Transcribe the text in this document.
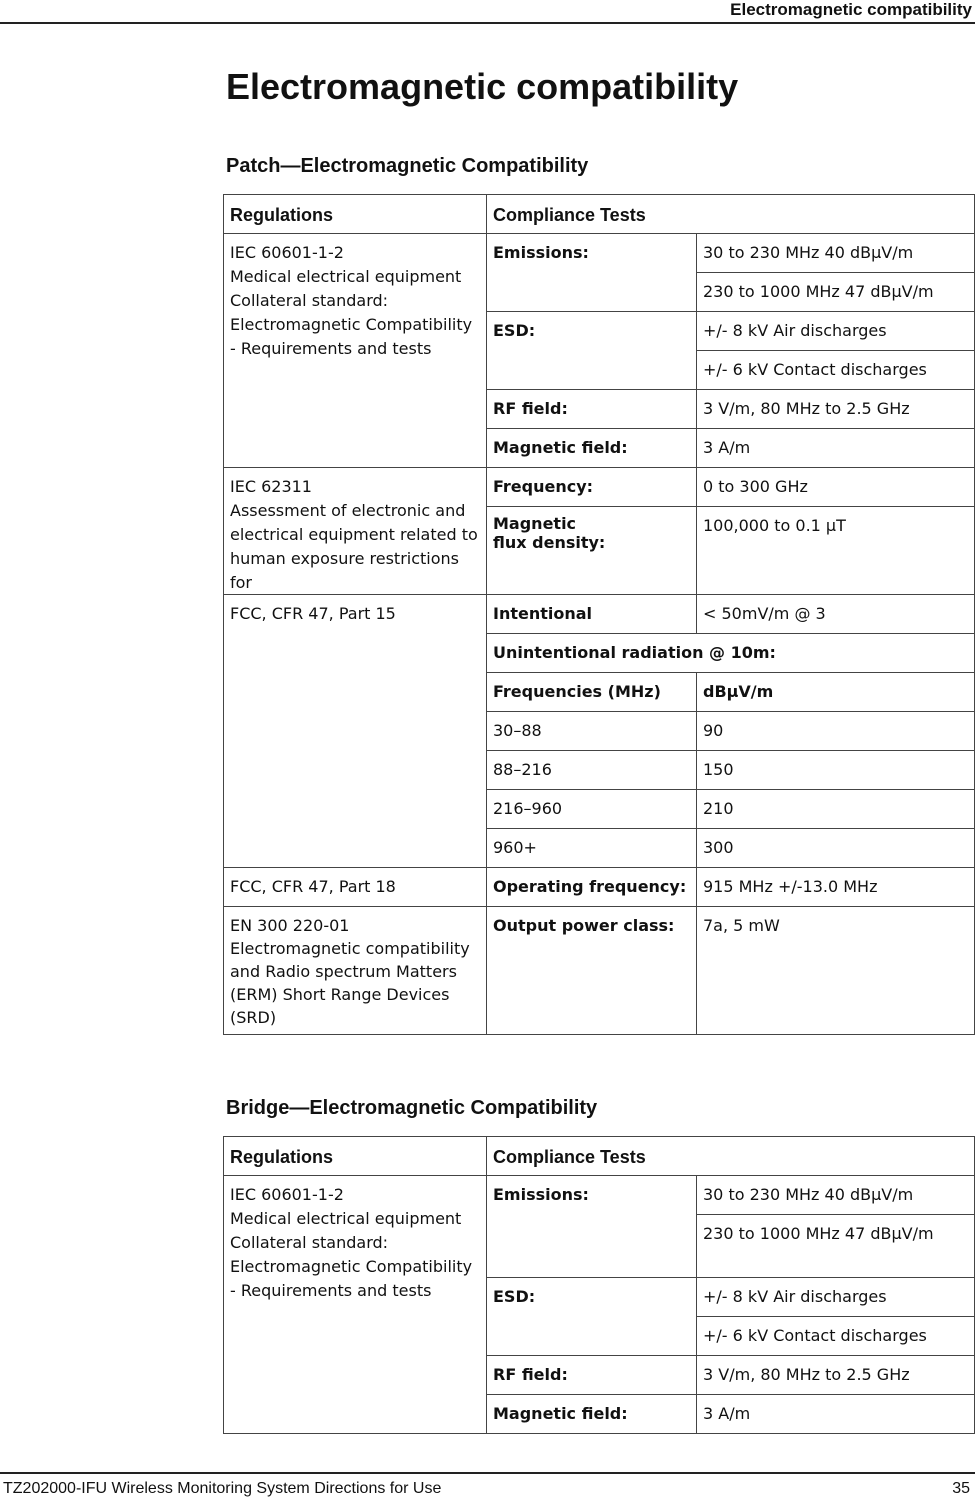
Electromagnetic compatibility
Electromagnetic compatibility
Patch—Electromagnetic Compatibility
Regulations	Compliance Tests	

IEC 60601-1-2
Medical electrical equipment Collateral standard: Electromagnetic Compatibility
- Requirements and tests	Emissions:	30 to 230 MHz 40 dBμV/m
		230 to 1000 MHz 47 dBμV/m
	ESD:	+/- 8 kV Air discharges
		+/- 6 kV Contact discharges
	RF field:	3 V/m, 80 MHz to 2.5 GHz
	Magnetic field:	3 A/m

IEC 62311
Assessment of electronic and electrical equipment related to human exposure restrictions for	Frequency:	0 to 300 GHz

	Magnetic
flux density:	100,000 to 0.1 μT

FCC, CFR 47, Part 15	Intentional	< 50mV/m @ 3
	Unintentional radiation @ 10m:	
	Frequencies (MHz)	dBμV/m
	30–88	90
	88–216	150
	216–960	210
	960+	300

FCC, CFR 47, Part 18	Operating frequency:	915 MHz +/-13.0 MHz

EN 300 220-01
Electromagnetic compatibility and Radio spectrum Matters (ERM) Short Range Devices (SRD)	Output power class:	7a, 5 mW
Bridge—Electromagnetic Compatibility
Regulations	Compliance Tests	

IEC 60601-1-2
Medical electrical equipment Collateral standard: Electromagnetic Compatibility
- Requirements and tests	Emissions:	30 to 230 MHz 40 dBμV/m
		230 to 1000 MHz 47 dBμV/m
	ESD:	+/- 8 kV Air discharges
		+/- 6 kV Contact discharges
	RF field:	3 V/m, 80 MHz to 2.5 GHz
	Magnetic field:	3 A/m
TZ202000-IFU Wireless Monitoring System Directions for Use	35
